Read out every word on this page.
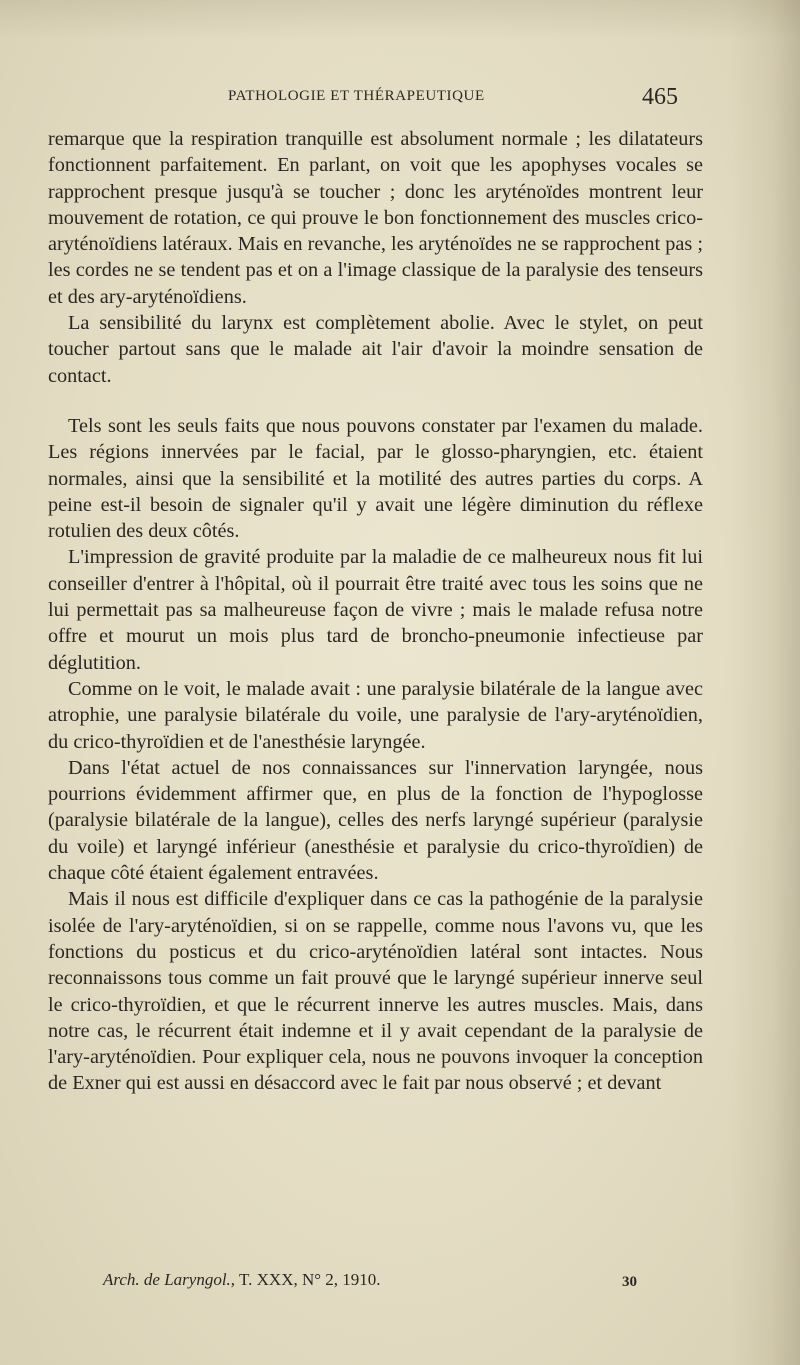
PATHOLOGIE ET THÉRAPEUTIQUE	465

remarque que la respiration tranquille est absolument normale ; les dilatateurs fonctionnent parfaitement. En parlant, on voit que les apophyses vocales se rapprochent presque jusqu'à se toucher ; donc les aryténoïdes montrent leur mouvement de rotation, ce qui prouve le bon fonctionnement des muscles crico-aryténoïdiens latéraux. Mais en revanche, les aryténoïdes ne se rapprochent pas ; les cordes ne se tendent pas et on a l'image classique de la paralysie des tenseurs et des ary-aryténoïdiens.

La sensibilité du larynx est complètement abolie. Avec le stylet, on peut toucher partout sans que le malade ait l'air d'avoir la moindre sensation de contact.

Tels sont les seuls faits que nous pouvons constater par l'examen du malade. Les régions innervées par le facial, par le glosso-pharyngien, etc. étaient normales, ainsi que la sensibilité et la motilité des autres parties du corps. A peine est-il besoin de signaler qu'il y avait une légère diminution du réflexe rotulien des deux côtés.

L'impression de gravité produite par la maladie de ce malheureux nous fit lui conseiller d'entrer à l'hôpital, où il pourrait être traité avec tous les soins que ne lui permettait pas sa malheureuse façon de vivre ; mais le malade refusa notre offre et mourut un mois plus tard de broncho-pneumonie infectieuse par déglutition.

Comme on le voit, le malade avait : une paralysie bilatérale de la langue avec atrophie, une paralysie bilatérale du voile, une paralysie de l'ary-aryténoïdien, du crico-thyroïdien et de l'anesthésie laryngée.

Dans l'état actuel de nos connaissances sur l'innervation laryngée, nous pourrions évidemment affirmer que, en plus de la fonction de l'hypoglosse (paralysie bilatérale de la langue), celles des nerfs laryngé supérieur (paralysie du voile) et laryngé inférieur (anesthésie et paralysie du crico-thyroïdien) de chaque côté étaient également entravées.

Mais il nous est difficile d'expliquer dans ce cas la pathogénie de la paralysie isolée de l'ary-aryténoïdien, si on se rappelle, comme nous l'avons vu, que les fonctions du posticus et du crico-aryténoïdien latéral sont intactes. Nous reconnaissons tous comme un fait prouvé que le laryngé supérieur innerve seul le crico-thyroïdien, et que le récurrent innerve les autres muscles. Mais, dans notre cas, le récurrent était indemne et il y avait cependant de la paralysie de l'ary-aryténoïdien. Pour expliquer cela, nous ne pouvons invoquer la conception de Exner qui est aussi en désaccord avec le fait par nous observé ; et devant

Arch. de Laryngol., T. XXX, N° 2, 1910.	30
